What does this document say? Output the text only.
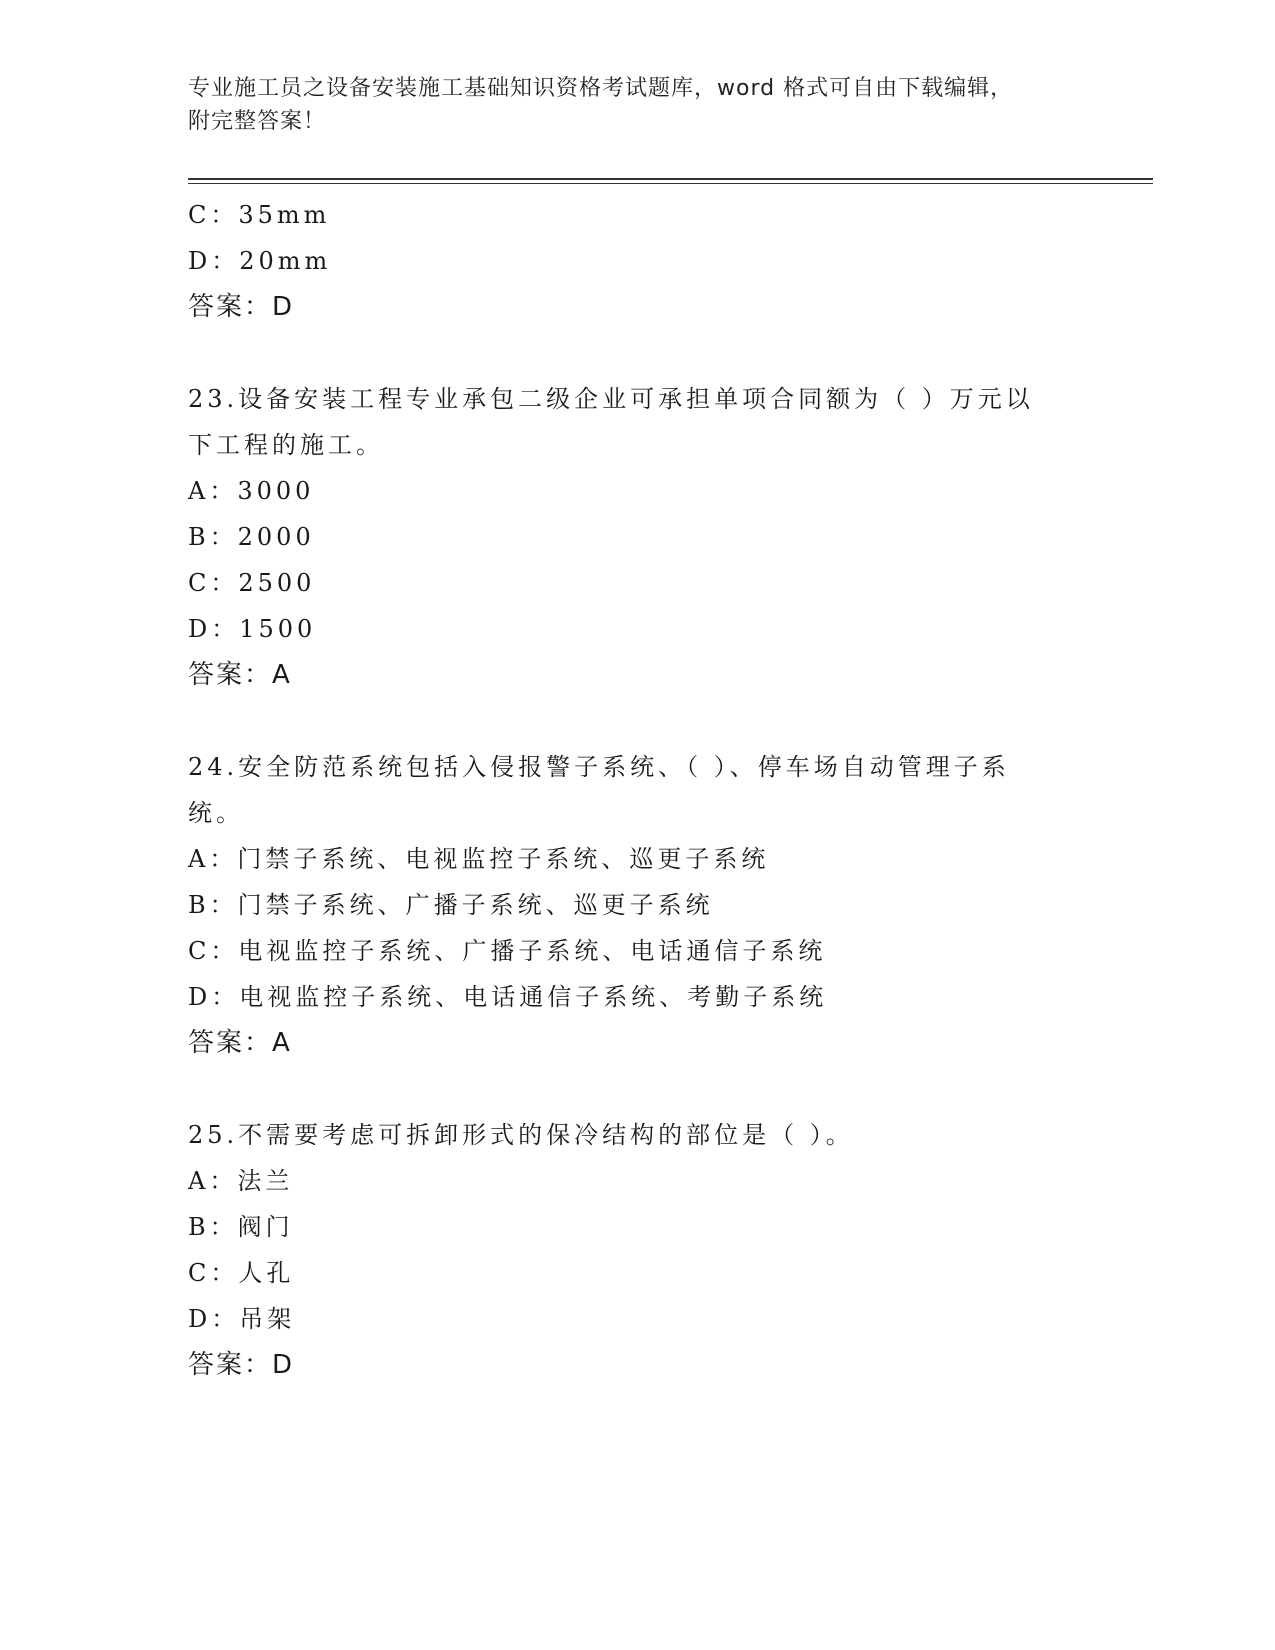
专业施工员之设备安装施工基础知识资格考试题库，word 格式可自由下载编辑，
附完整答案！
C：35mm
D：20mm
答案：D
23.设备安装工程专业承包二级企业可承担单项合同额为（ ）万元以
下工程的施工。
A：3000
B：2000
C：2500
D：1500
答案：A
24.安全防范系统包括入侵报警子系统、（ ）、停车场自动管理子系
统。
A：门禁子系统、电视监控子系统、巡更子系统
B：门禁子系统、广播子系统、巡更子系统
C：电视监控子系统、广播子系统、电话通信子系统
D：电视监控子系统、电话通信子系统、考勤子系统
答案：A
25.不需要考虑可拆卸形式的保冷结构的部位是（ ）。
A：法兰
B：阀门
C：人孔
D：吊架
答案：D
